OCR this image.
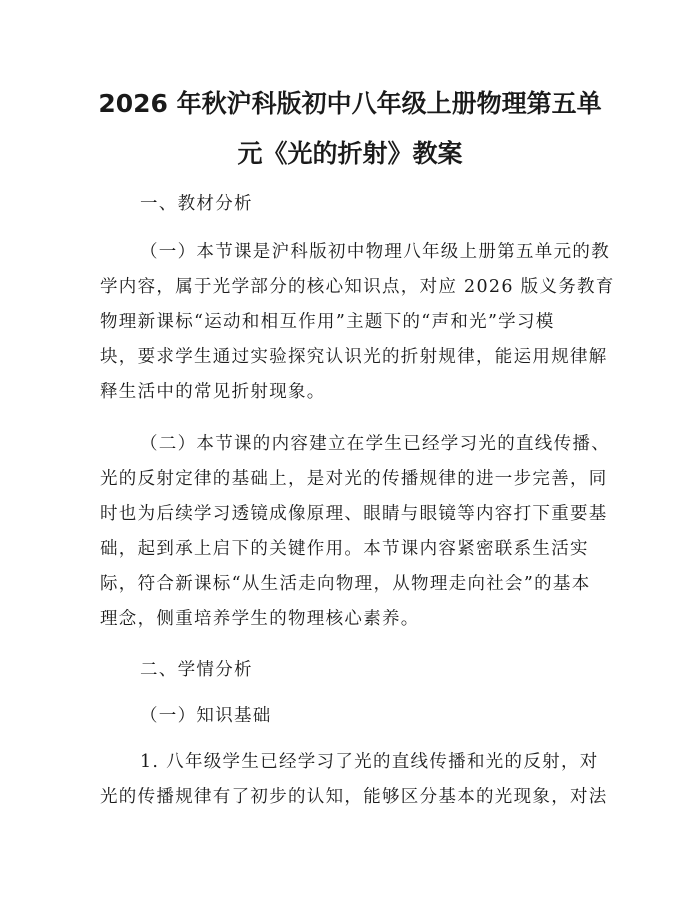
2026 年秋沪科版初中八年级上册物理第五单
元《光的折射》教案
一、教材分析
（一）本节课是沪科版初中物理八年级上册第五单元的教
学内容，属于光学部分的核心知识点，对应 2026 版义务教育
物理新课标“运动和相互作用”主题下的“声和光”学习模
块，要求学生通过实验探究认识光的折射规律，能运用规律解
释生活中的常见折射现象。
（二）本节课的内容建立在学生已经学习光的直线传播、
光的反射定律的基础上，是对光的传播规律的进一步完善，同
时也为后续学习透镜成像原理、眼睛与眼镜等内容打下重要基
础，起到承上启下的关键作用。本节课内容紧密联系生活实
际，符合新课标“从生活走向物理，从物理走向社会”的基本
理念，侧重培养学生的物理核心素养。
二、学情分析
（一）知识基础
1. 八年级学生已经学习了光的直线传播和光的反射，对
光的传播规律有了初步的认知，能够区分基本的光现象，对法
